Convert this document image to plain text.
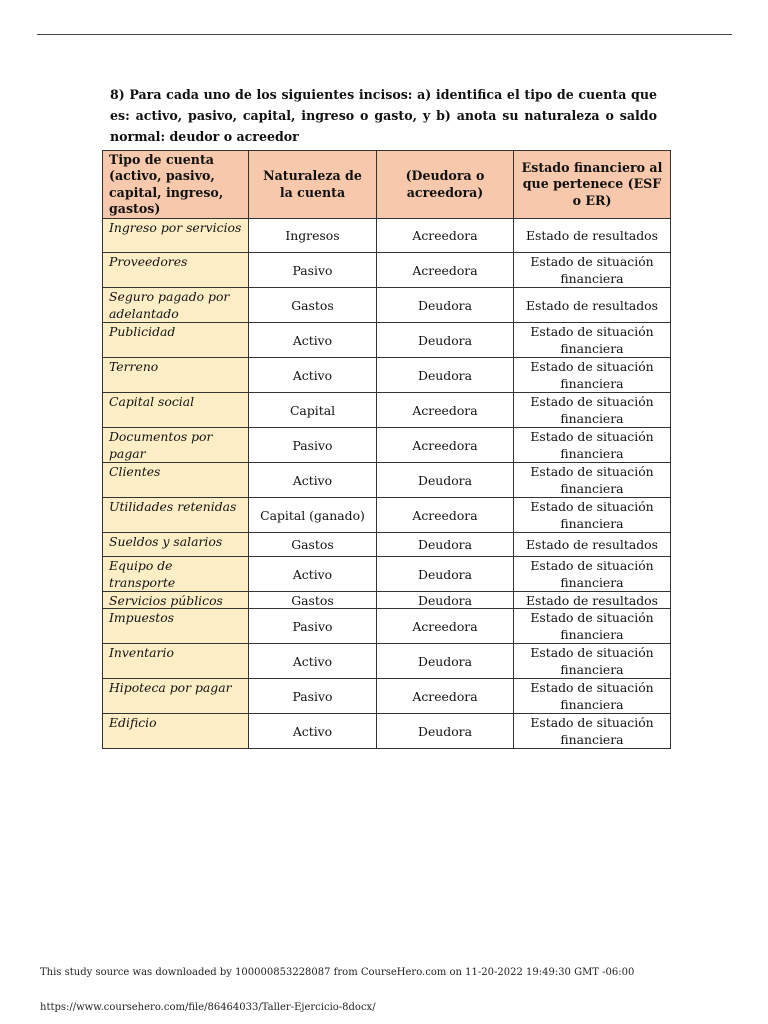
8) Para cada uno de los siguientes incisos: a) identifica el tipo de cuenta que es: activo, pasivo, capital, ingreso o gasto, y b) anota su naturaleza o saldo normal: deudor o acreedor

Tipo de cuenta (activo, pasivo, capital, ingreso, gastos)	Naturaleza de la cuenta	(Deudora o acreedora)	Estado financiero al que pertenece (ESF o ER)
Ingreso por servicios	Ingresos	Acreedora	Estado de resultados
Proveedores	Pasivo	Acreedora	Estado de situación financiera
Seguro pagado por adelantado	Gastos	Deudora	Estado de resultados
Publicidad	Activo	Deudora	Estado de situación financiera
Terreno	Activo	Deudora	Estado de situación financiera
Capital social	Capital	Acreedora	Estado de situación financiera
Documentos por pagar	Pasivo	Acreedora	Estado de situación financiera
Clientes	Activo	Deudora	Estado de situación financiera
Utilidades retenidas	Capital (ganado)	Acreedora	Estado de situación financiera
Sueldos y salarios	Gastos	Deudora	Estado de resultados
Equipo de transporte	Activo	Deudora	Estado de situación financiera
Servicios públicos	Gastos	Deudora	Estado de resultados
Impuestos	Pasivo	Acreedora	Estado de situación financiera
Inventario	Activo	Deudora	Estado de situación financiera
Hipoteca por pagar	Pasivo	Acreedora	Estado de situación financiera
Edificio	Activo	Deudora	Estado de situación financiera
This study source was downloaded by 100000853228087 from CourseHero.com on 11-20-2022 19:49:30 GMT -06:00
https://www.coursehero.com/file/86464033/Taller-Ejercicio-8docx/
